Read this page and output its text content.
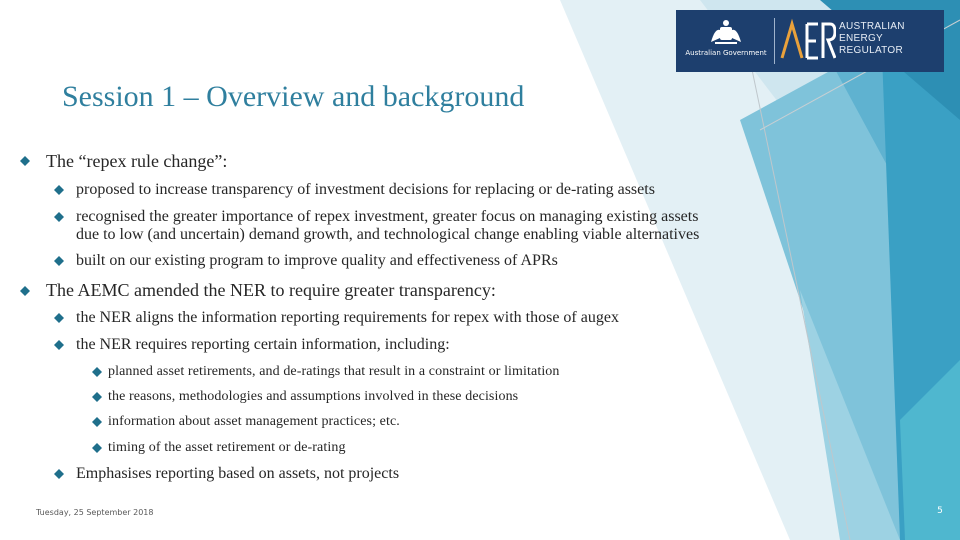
Australian Government
AUSTRALIAN
ENERGY
REGULATOR
Session 1 – Overview and background
The “repex rule change”:
proposed to increase transparency of investment decisions for replacing or de-rating assets
recognised the greater importance of repex investment, greater focus on managing existing assets
due to low (and uncertain) demand growth, and technological change enabling viable alternatives
built on our existing program to improve quality and effectiveness of APRs
The AEMC amended the NER to require greater transparency:
the NER aligns the information reporting requirements for repex with those of augex
the NER requires reporting certain information, including:
planned asset retirements, and de-ratings that result in a constraint or limitation
the reasons, methodologies and assumptions involved in these decisions
information about asset management practices; etc.
timing of the asset retirement or de-rating
Emphasises reporting based on assets, not projects
Tuesday, 25 September 2018	5
